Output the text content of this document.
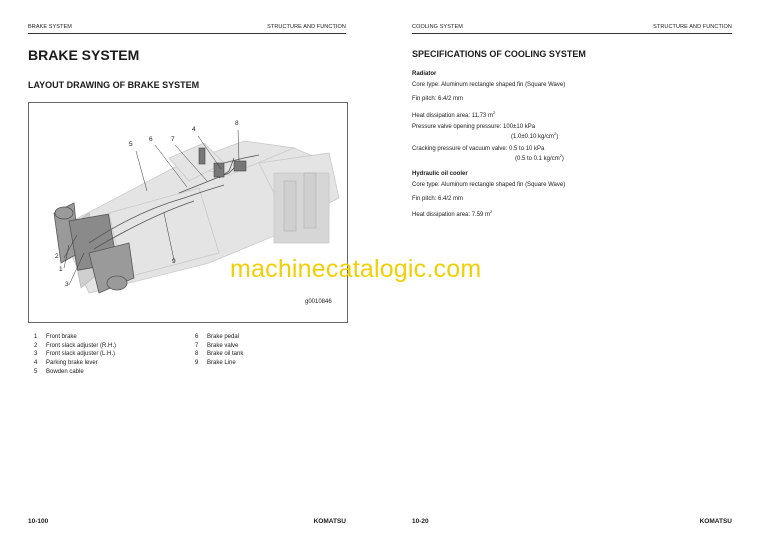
BRAKE SYSTEM	STRUCTURE AND FUNCTION
BRAKE SYSTEM
LAYOUT DRAWING OF BRAKE SYSTEM
5
6	7
4
8
2
1
3
9
g0010846
1	Front brake
2	Front slack adjuster (R.H.)
3	Front slack adjuster (L.H.)
4	Parking brake lever
5	Bowden cable
6	Brake pedal
7	Brake valve
8	Brake oil tank
9	Brake Line
10-100	KOMATSU
COOLING SYSTEM	STRUCTURE AND FUNCTION
10-20	KOMATSU
SPECIFICATIONS OF COOLING SYSTEM
Radiator
Core type: Aluminum rectangle shaped fin (Square Wave)
Fin pitch: 6.4/2 mm
Heat dissipation area: 11.73 $m^2$
Pressure valve opening pressure: 100±10 kPa
(1.0±0.10 $kg/cm^2$)
Cracking pressure of vacuum valve: 0.5 to 10 kPa
(0.5 to 0.1 $kg/cm^2$)
Hydraulic oil cooler
Core type: Aluminum rectangle shaped fin (Square Wave)
Fin pitch: 6.4/2 mm
Heat dissipation area: 7.59 $m^2$
machinecatalogic.com
